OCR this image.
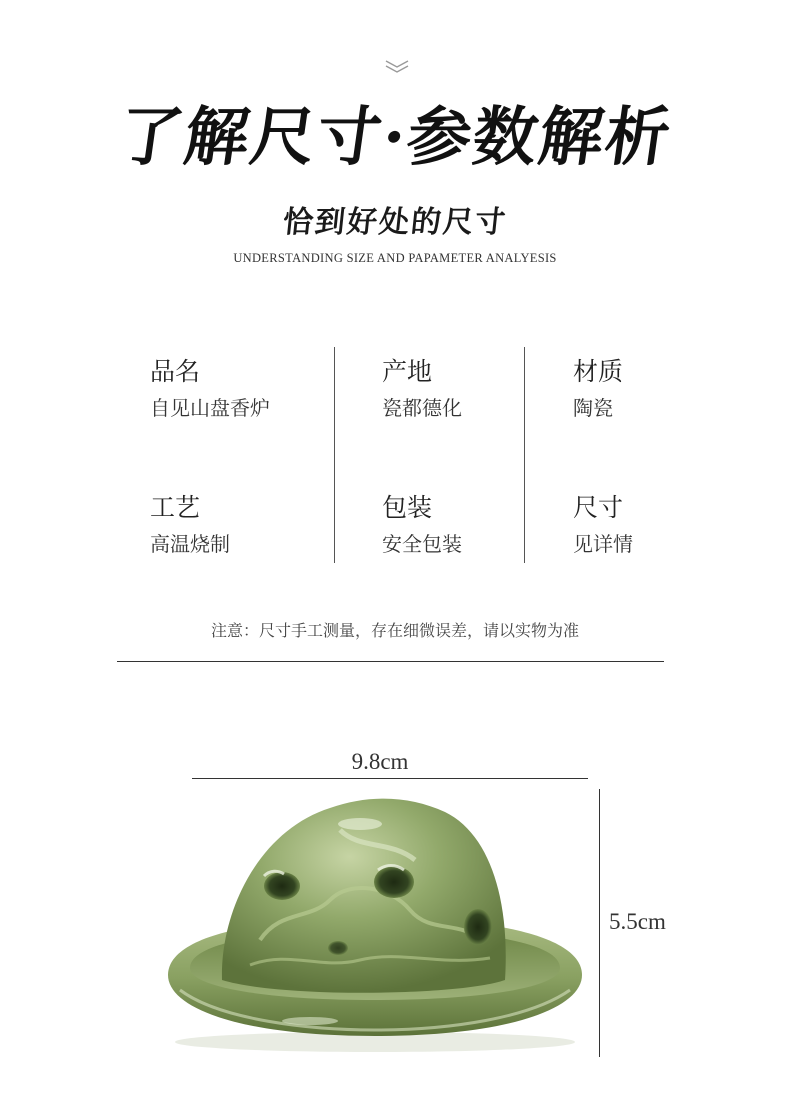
了解尺寸·参数解析
恰到好处的尺寸
UNDERSTANDING SIZE AND PAPAMETER ANALYESIS
品名
自见山盘香炉
产地
瓷都德化
材质
陶瓷
工艺
高温烧制
包装
安全包装
尺寸
见详情
注意：尺寸手工测量，存在细微误差，请以实物为准
9.8cm
5.5cm
